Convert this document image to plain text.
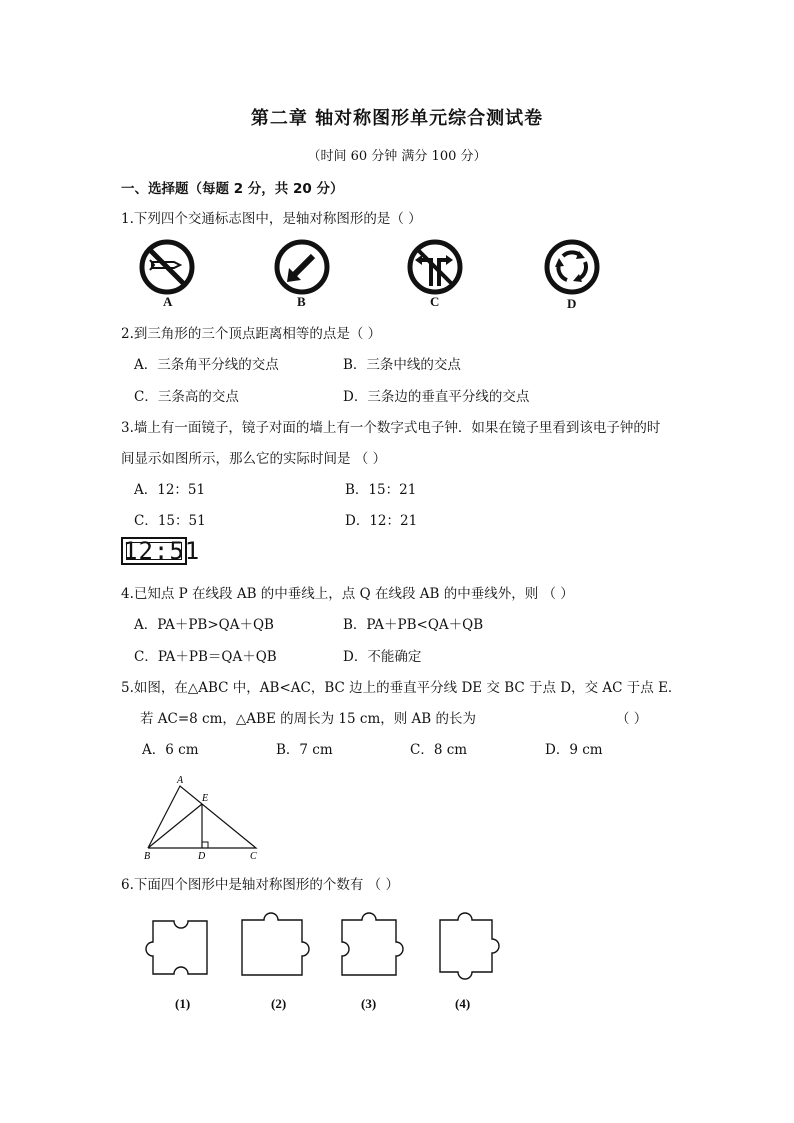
第二章 轴对称图形单元综合测试卷
（时间 60 分钟 满分 100 分）
一、选择题（每题 2 分，共 20 分）
1.下列四个交通标志图中，是轴对称图形的是（ ）
A	B	C	D
2.到三角形的三个顶点距离相等的点是（ ）
A．三条角平分线的交点	B．三条中线的交点
C．三条高的交点	D．三条边的垂直平分线的交点
3.墙上有一面镜子，镜子对面的墙上有一个数字式电子钟．如果在镜子里看到该电子钟的时
间显示如图所示，那么它的实际时间是 （ ）
A．12：51	B．15：21
C．15：51	D．12：21
12:51
4.已知点 P 在线段 AB 的中垂线上，点 Q 在线段 AB 的中垂线外，则 （ ）
A．PA＋PB>QA＋QB	B．PA＋PB<QA＋QB
C．PA＋PB＝QA＋QB	D．不能确定
5.如图，在△ABC 中，AB<AC，BC 边上的垂直平分线 DE 交 BC 于点 D，交 AC 于点 E．
若 AC=8 cm，△ABE 的周长为 15 cm，则 AB 的长为	（ ）
A．6 cm	B．7 cm	C．8 cm	D．9 cm
A
E
B	D	C
6.下面四个图形中是轴对称图形的个数有 （ ）
(1)	(2)	(3)	(4)
